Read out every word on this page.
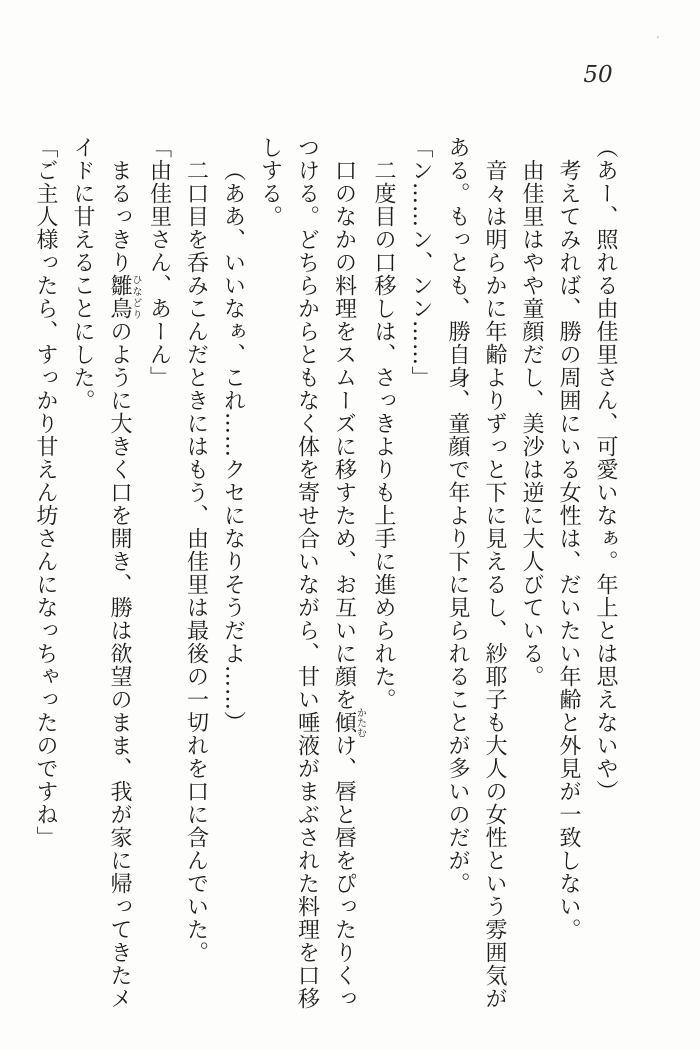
ʼ
50

（あー、照れる由佳里さん、可愛いなぁ。年上とは思えないや）

考えてみれば、勝の周囲にいる女性は、だいたい年齢と外見が一致しない。

由佳里はやや童顔だし、美沙は逆に大人びている。

音々は明らかに年齢よりずっと下に見えるし、紗耶子も大人の女性という雰囲気が

ある。もっとも、勝自身、童顔で年より下に見られることが多いのだが。

「ン……ン、ンン……」

二度目の口移しは、さっきよりも上手に進められた。

口のなかの料理をスムーズに移すため、お互いに顔を傾かたむけ、唇と唇をぴったりくっ

つける。どちらからともなく体を寄せ合いながら、甘い唾液がまぶされた料理を口移

しする。

（ああ、いいなぁ、これ……クセになりそうだよ……）

二口目を呑みこんだときにはもう、由佳里は最後の一切れを口に含んでいた。

「由佳里さん、あーん」

まるっきり雛鳥ひなどりのように大きく口を開き、勝は欲望のまま、我が家に帰ってきたメ

イドに甘えることにした。

「ご主人様ったら、すっかり甘えん坊さんになっちゃったのですね」
